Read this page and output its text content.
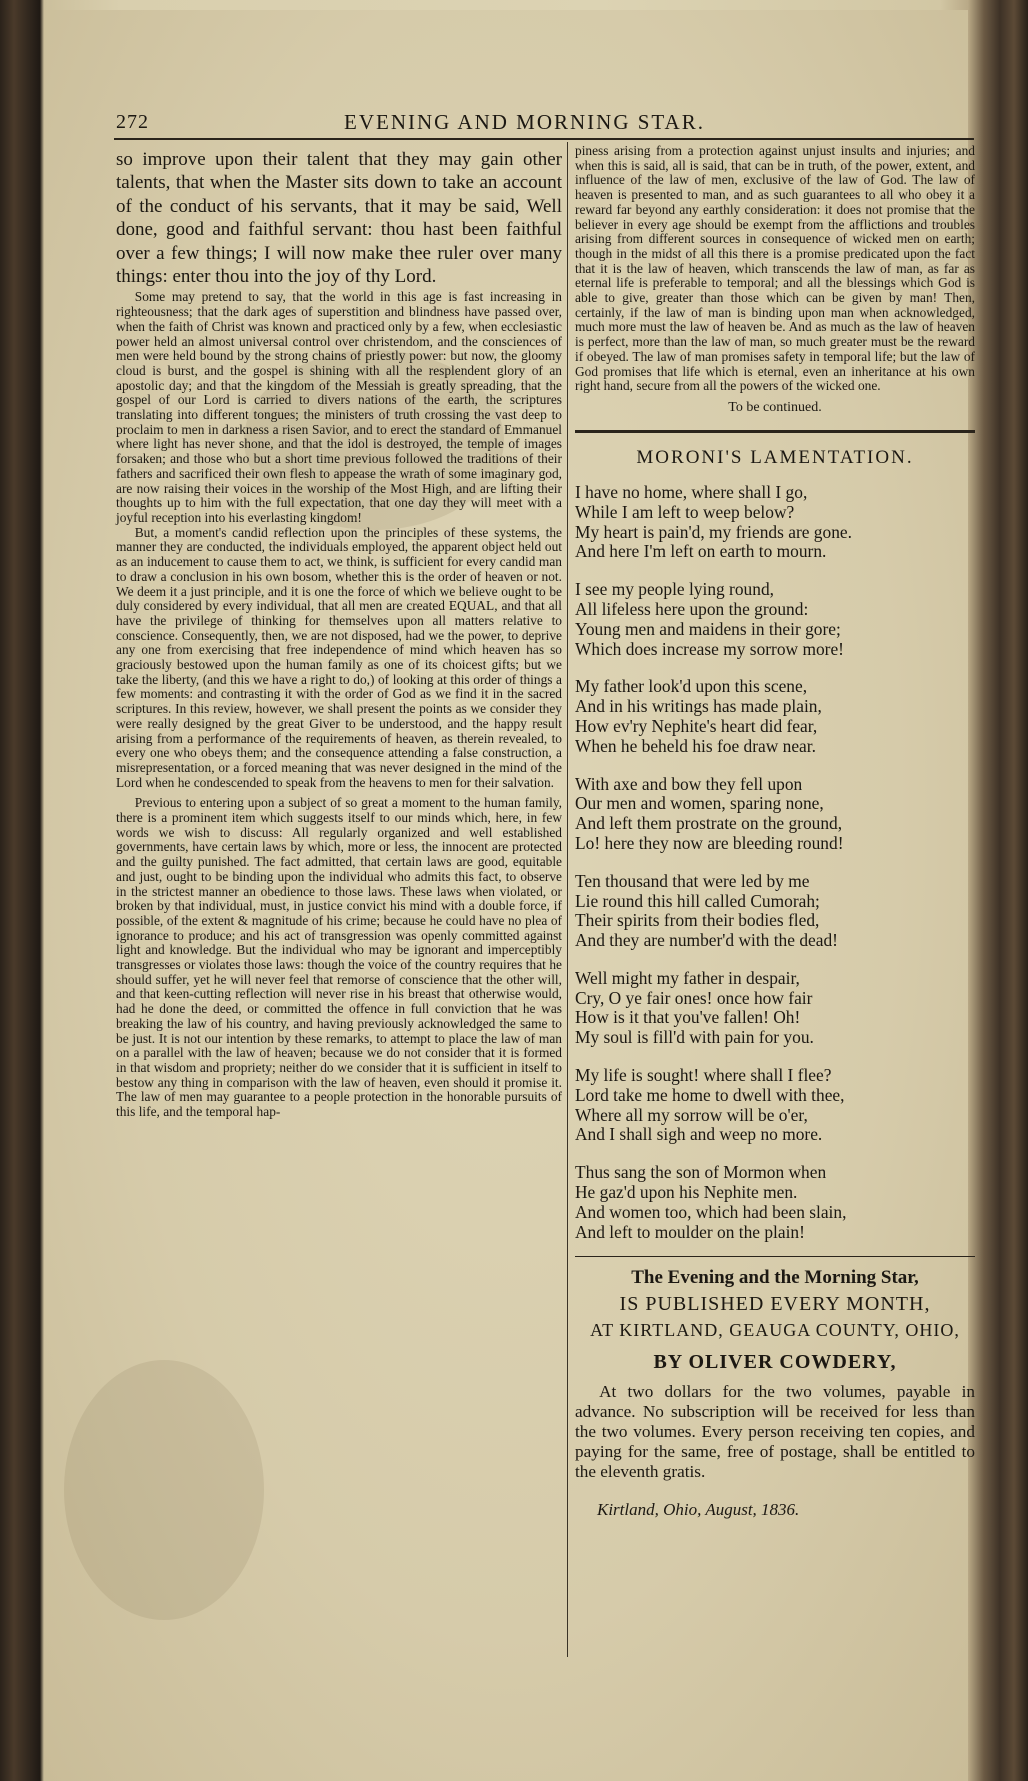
272	EVENING AND MORNING STAR.

so improve upon their talent that they may gain other talents, that when the Master sits down to take an account of the conduct of his servants, that it may be said, Well done, good and faithful servant: thou hast been faithful over a few things; I will now make thee ruler over many things: enter thou into the joy of thy Lord.

Some may pretend to say, that the world in this age is fast increasing in righteousness; that the dark ages of superstition and blindness have passed over, when the faith of Christ was known and practiced only by a few, when ecclesiastic power held an almost universal control over christendom, and the consciences of men were held bound by the strong chains of priestly power: but now, the gloomy cloud is burst, and the gospel is shining with all the resplendent glory of an apostolic day; and that the kingdom of the Messiah is greatly spreading, that the gospel of our Lord is carried to divers nations of the earth, the scriptures translating into different tongues; the ministers of truth crossing the vast deep to proclaim to men in darkness a risen Savior, and to erect the standard of Emmanuel where light has never shone, and that the idol is destroyed, the temple of images forsaken; and those who but a short time previous followed the traditions of their fathers and sacrificed their own flesh to appease the wrath of some imaginary god, are now raising their voices in the worship of the Most High, and are lifting their thoughts up to him with the full expectation, that one day they will meet with a joyful reception into his everlasting kingdom!

But, a moment's candid reflection upon the principles of these systems, the manner they are conducted, the individuals employed, the apparent object held out as an inducement to cause them to act, we think, is sufficient for every candid man to draw a conclusion in his own bosom, whether this is the order of heaven or not. We deem it a just principle, and it is one the force of which we believe ought to be duly considered by every individual, that all men are created EQUAL, and that all have the privilege of thinking for themselves upon all matters relative to conscience. Consequently, then, we are not disposed, had we the power, to deprive any one from exercising that free independence of mind which heaven has so graciously bestowed upon the human family as one of its choicest gifts; but we take the liberty, (and this we have a right to do,) of looking at this order of things a few moments: and contrasting it with the order of God as we find it in the sacred scriptures. In this review, however, we shall present the points as we consider they were really designed by the great Giver to be understood, and the happy result arising from a performance of the requirements of heaven, as therein revealed, to every one who obeys them; and the consequence attending a false construction, a misrepresentation, or a forced meaning that was never designed in the mind of the Lord when he condescended to speak from the heavens to men for their salvation.

Previous to entering upon a subject of so great a moment to the human family, there is a prominent item which suggests itself to our minds which, here, in few words we wish to discuss: All regularly organized and well established governments, have certain laws by which, more or less, the innocent are protected and the guilty punished. The fact admitted, that certain laws are good, equitable and just, ought to be binding upon the individual who admits this fact, to observe in the strictest manner an obedience to those laws. These laws when violated, or broken by that individual, must, in justice convict his mind with a double force, if possible, of the extent & magnitude of his crime; because he could have no plea of ignorance to produce; and his act of transgression was openly committed against light and knowledge. But the individual who may be ignorant and imperceptibly transgresses or violates those laws: though the voice of the country requires that he should suffer, yet he will never feel that remorse of conscience that the other will, and that keen-cutting reflection will never rise in his breast that otherwise would, had he done the deed, or committed the offence in full conviction that he was breaking the law of his country, and having previously acknowledged the same to be just. It is not our intention by these remarks, to attempt to place the law of man on a parallel with the law of heaven; because we do not consider that it is formed in that wisdom and propriety; neither do we consider that it is sufficient in itself to bestow any thing in comparison with the law of heaven, even should it promise it. The law of men may guarantee to a people protection in the honorable pursuits of this life, and the temporal hap-

piness arising from a protection against unjust insults and injuries; and when this is said, all is said, that can be in truth, of the power, extent, and influence of the law of men, exclusive of the law of God. The law of heaven is presented to man, and as such guarantees to all who obey it a reward far beyond any earthly consideration: it does not promise that the believer in every age should be exempt from the afflictions and troubles arising from different sources in consequence of wicked men on earth; though in the midst of all this there is a promise predicated upon the fact that it is the law of heaven, which transcends the law of man, as far as eternal life is preferable to temporal; and all the blessings which God is able to give, greater than those which can be given by man! Then, certainly, if the law of man is binding upon man when acknowledged, much more must the law of heaven be. And as much as the law of heaven is perfect, more than the law of man, so much greater must be the reward if obeyed. The law of man promises safety in temporal life; but the law of God promises that life which is eternal, even an inheritance at his own right hand, secure from all the powers of the wicked one.

To be continued.
MORONI'S LAMENTATION.
I have no home, where shall I go,
While I am left to weep below?
My heart is pain'd, my friends are gone.
And here I'm left on earth to mourn.
I see my people lying round,
All lifeless here upon the ground:
Young men and maidens in their gore;
Which does increase my sorrow more!
My father look'd upon this scene,
And in his writings has made plain,
How ev'ry Nephite's heart did fear,
When he beheld his foe draw near.
With axe and bow they fell upon
Our men and women, sparing none,
And left them prostrate on the ground,
Lo! here they now are bleeding round!
Ten thousand that were led by me
Lie round this hill called Cumorah;
Their spirits from their bodies fled,
And they are number'd with the dead!
Well might my father in despair,
Cry, O ye fair ones! once how fair
How is it that you've fallen! Oh!
My soul is fill'd with pain for you.
My life is sought! where shall I flee?
Lord take me home to dwell with thee,
Where all my sorrow will be o'er,
And I shall sigh and weep no more.
Thus sang the son of Mormon when
He gaz'd upon his Nephite men.
And women too, which had been slain,
And left to moulder on the plain!
The Evening and the Morning Star,
IS PUBLISHED EVERY MONTH,
AT KIRTLAND, GEAUGA COUNTY, OHIO,
BY OLIVER COWDERY,

At two dollars for the two volumes, payable in advance. No subscription will be received for less than the two volumes. Every person receiving ten copies, and paying for the same, free of postage, shall be entitled to the eleventh gratis.

Kirtland, Ohio, August, 1836.
